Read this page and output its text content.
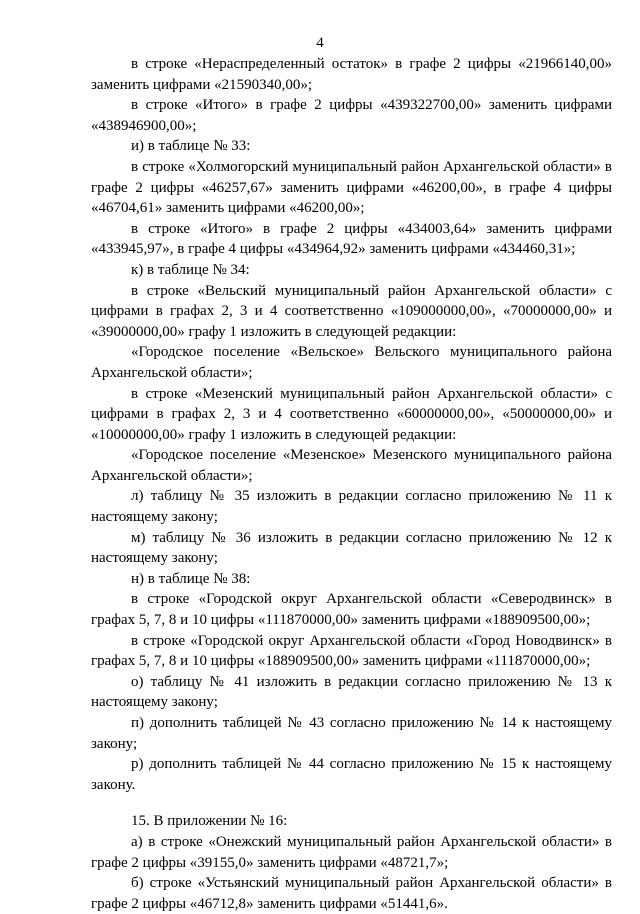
4

в строке «Нераспределенный остаток» в графе 2 цифры «21966140,00» заменить цифрами «21590340,00»;

в строке «Итого» в графе 2 цифры «439322700,00» заменить цифрами «438946900,00»;

и) в таблице № 33:

в строке «Холмогорский муниципальный район Архангельской области» в графе 2 цифры «46257,67» заменить цифрами «46200,00», в графе 4 цифры «46704,61» заменить цифрами «46200,00»;

в строке «Итого» в графе 2 цифры «434003,64» заменить цифрами «433945,97», в графе 4 цифры «434964,92» заменить цифрами «434460,31»;

к) в таблице № 34:

в строке «Вельский муниципальный район Архангельской области» с цифрами в графах 2, 3 и 4 соответственно «109000000,00», «70000000,00» и «39000000,00» графу 1 изложить в следующей редакции:

«Городское поселение «Вельское» Вельского муниципального района Архангельской области»;

в строке «Мезенский муниципальный район Архангельской области» с цифрами в графах 2, 3 и 4 соответственно «60000000,00», «50000000,00» и «10000000,00» графу 1 изложить в следующей редакции:

«Городское поселение «Мезенское» Мезенского муниципального района Архангельской области»;

л) таблицу № 35 изложить в редакции согласно приложению № 11 к настоящему закону;

м) таблицу № 36 изложить в редакции согласно приложению № 12 к настоящему закону;

н) в таблице № 38:

в строке «Городской округ Архангельской области «Северодвинск» в графах 5, 7, 8 и 10 цифры «111870000,00» заменить цифрами «188909500,00»;

в строке «Городской округ Архангельской области «Город Новодвинск» в графах 5, 7, 8 и 10 цифры «188909500,00» заменить цифрами «111870000,00»;

о) таблицу № 41 изложить в редакции согласно приложению № 13 к настоящему закону;

п) дополнить таблицей № 43 согласно приложению № 14 к настоящему закону;

р) дополнить таблицей № 44 согласно приложению № 15 к настоящему закону.

15. В приложении № 16:

а) в строке «Онежский муниципальный район Архангельской области» в графе 2 цифры «39155,0» заменить цифрами «48721,7»;

б) строке «Устьянский муниципальный район Архангельской области» в графе 2 цифры «46712,8» заменить цифрами «51441,6».
